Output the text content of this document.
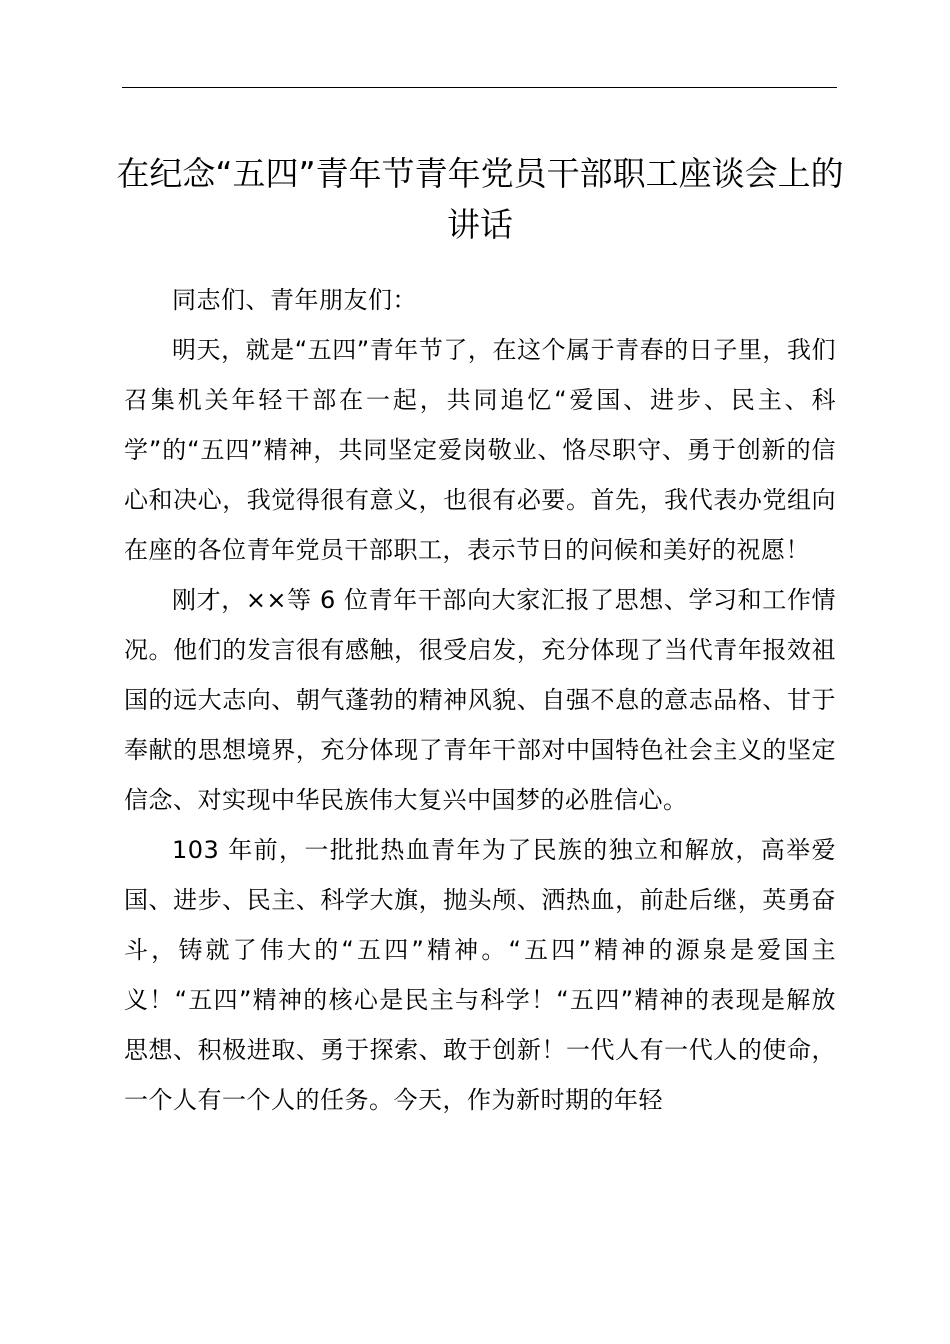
在纪念“五四”青年节青年党员干部职工座谈会上的讲话

同志们、青年朋友们：

明天，就是“五四”青年节了，在这个属于青春的日子里，我们召集机关年轻干部在一起，共同追忆“爱国、进步、民主、科学”的“五四”精神，共同坚定爱岗敬业、恪尽职守、勇于创新的信心和决心，我觉得很有意义，也很有必要。首先，我代表办党组向在座的各位青年党员干部职工，表示节日的问候和美好的祝愿！

刚才，××等 6 位青年干部向大家汇报了思想、学习和工作情况。他们的发言很有感触，很受启发，充分体现了当代青年报效祖国的远大志向、朝气蓬勃的精神风貌、自强不息的意志品格、甘于奉献的思想境界，充分体现了青年干部对中国特色社会主义的坚定信念、对实现中华民族伟大复兴中国梦的必胜信心。

103 年前，一批批热血青年为了民族的独立和解放，高举爱国、进步、民主、科学大旗，抛头颅、洒热血，前赴后继，英勇奋斗，铸就了伟大的“五四”精神。“五四”精神的源泉是爱国主义！“五四”精神的核心是民主与科学！“五四”精神的表现是解放思想、积极进取、勇于探索、敢于创新！一代人有一代人的使命，一个人有一个人的任务。今天，作为新时期的年轻
